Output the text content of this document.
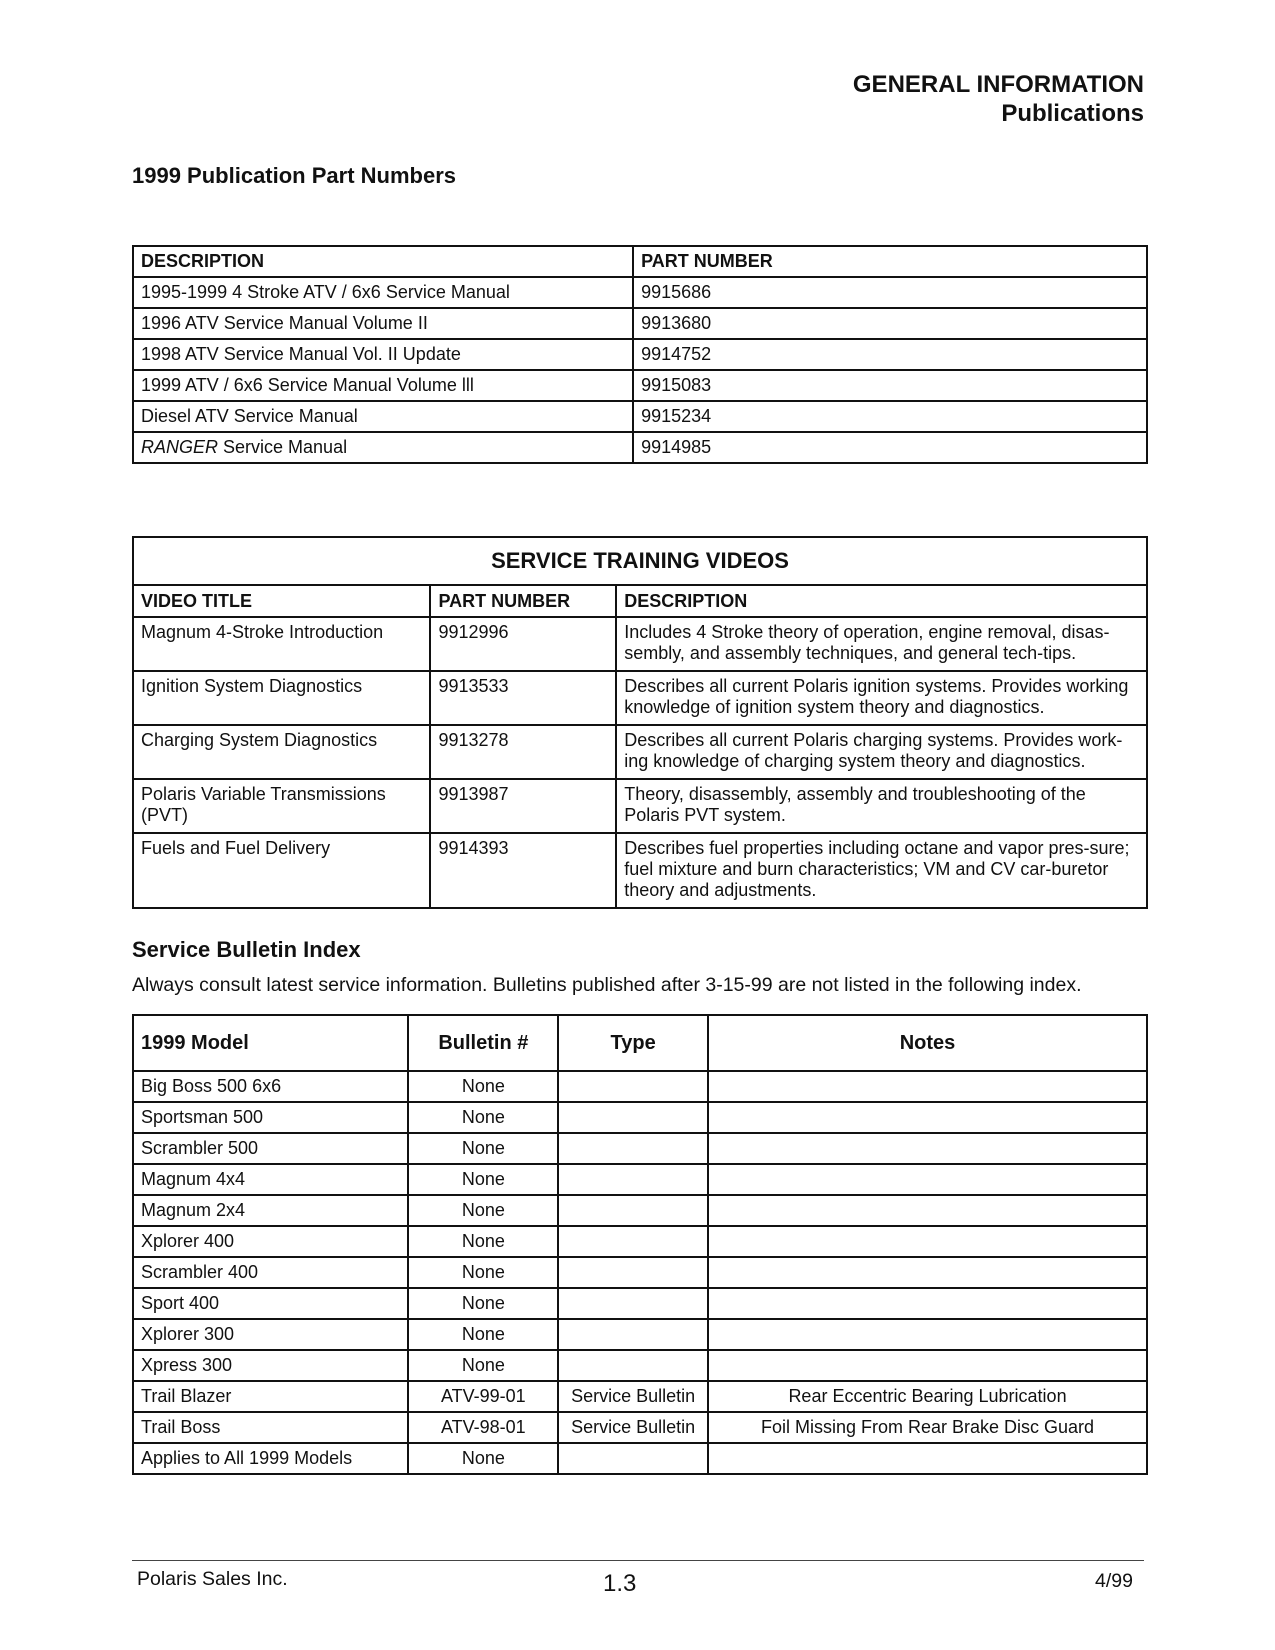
GENERAL INFORMATION
Publications
1999 Publication Part Numbers
DESCRIPTION	PART NUMBER
1995-1999 4 Stroke ATV / 6x6 Service Manual	9915686
1996 ATV Service Manual Volume II	9913680
1998 ATV Service Manual Vol. II Update	9914752
1999 ATV / 6x6 Service Manual Volume lll	9915083
Diesel ATV Service Manual	9915234
RANGER Service Manual	9914985
SERVICE TRAINING VIDEOS		
VIDEO TITLE	PART NUMBER	DESCRIPTION
Magnum 4-Stroke Introduction	9912996	Includes 4 Stroke theory of operation, engine removal, disas-sembly, and assembly techniques, and general tech-tips.
Ignition System Diagnostics	9913533	Describes all current Polaris ignition systems. Provides working knowledge of ignition system theory and diagnostics.
Charging System Diagnostics	9913278	Describes all current Polaris charging systems. Provides work-ing knowledge of charging system theory and diagnostics.
Polaris Variable Transmissions (PVT)	9913987	Theory, disassembly, assembly and troubleshooting of the Polaris PVT system.
Fuels and Fuel Delivery	9914393	Describes fuel properties including octane and vapor pres-sure; fuel mixture and burn characteristics; VM and CV car-buretor theory and adjustments.
Service Bulletin Index
Always consult latest service information. Bulletins published after 3-15-99 are not listed in the following index.
1999 Model	Bulletin #	Type	Notes
Big Boss 500 6x6	None		
Sportsman 500	None		
Scrambler 500	None		
Magnum 4x4	None		
Magnum 2x4	None		
Xplorer 400	None		
Scrambler 400	None		
Sport 400	None		
Xplorer 300	None		
Xpress 300	None		
Trail Blazer	ATV-99-01	Service Bulletin	Rear Eccentric Bearing Lubrication
Trail Boss	ATV-98-01	Service Bulletin	Foil Missing From Rear Brake Disc Guard
Applies to All 1999 Models	None		
Polaris Sales Inc.	1.3	4/99
